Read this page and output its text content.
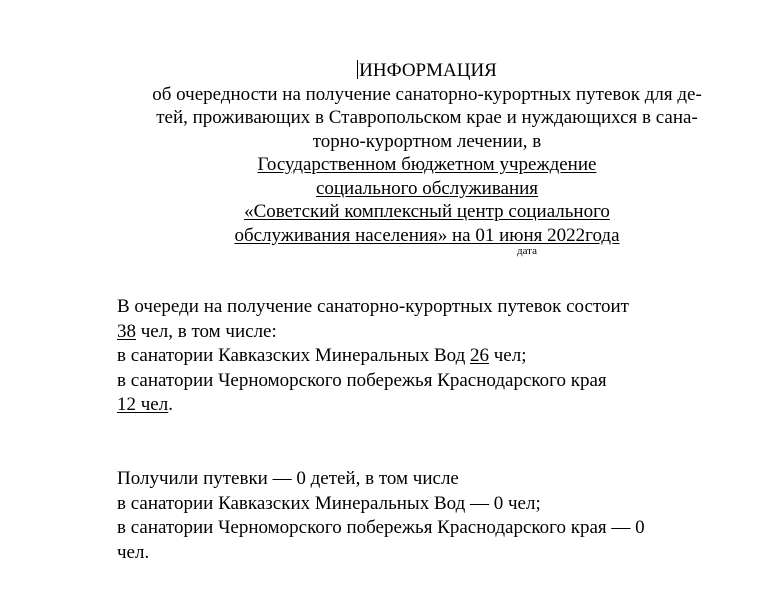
ИНФОРМАЦИЯ
об очередности на получение санаторно-курортных путевок для де-
тей, проживающих в Ставропольском крае и нуждающихся в сана-
торно-курортном лечении, в
Государственном бюджетном учреждение
социального обслуживания
«Советский комплексный центр социального
обслуживания населения» на 01 июня 2022года
дата
В очереди на получение санаторно-курортных путевок состоит
38 чел, в том числе:
в санатории Кавказских Минеральных Вод 26 чел;
в санатории Черноморского побережья Краснодарского края
12 чел.
Получили путевки — 0 детей, в том числе
в санатории Кавказских Минеральных Вод — 0 чел;
в санатории Черноморского побережья Краснодарского края — 0
чел.
